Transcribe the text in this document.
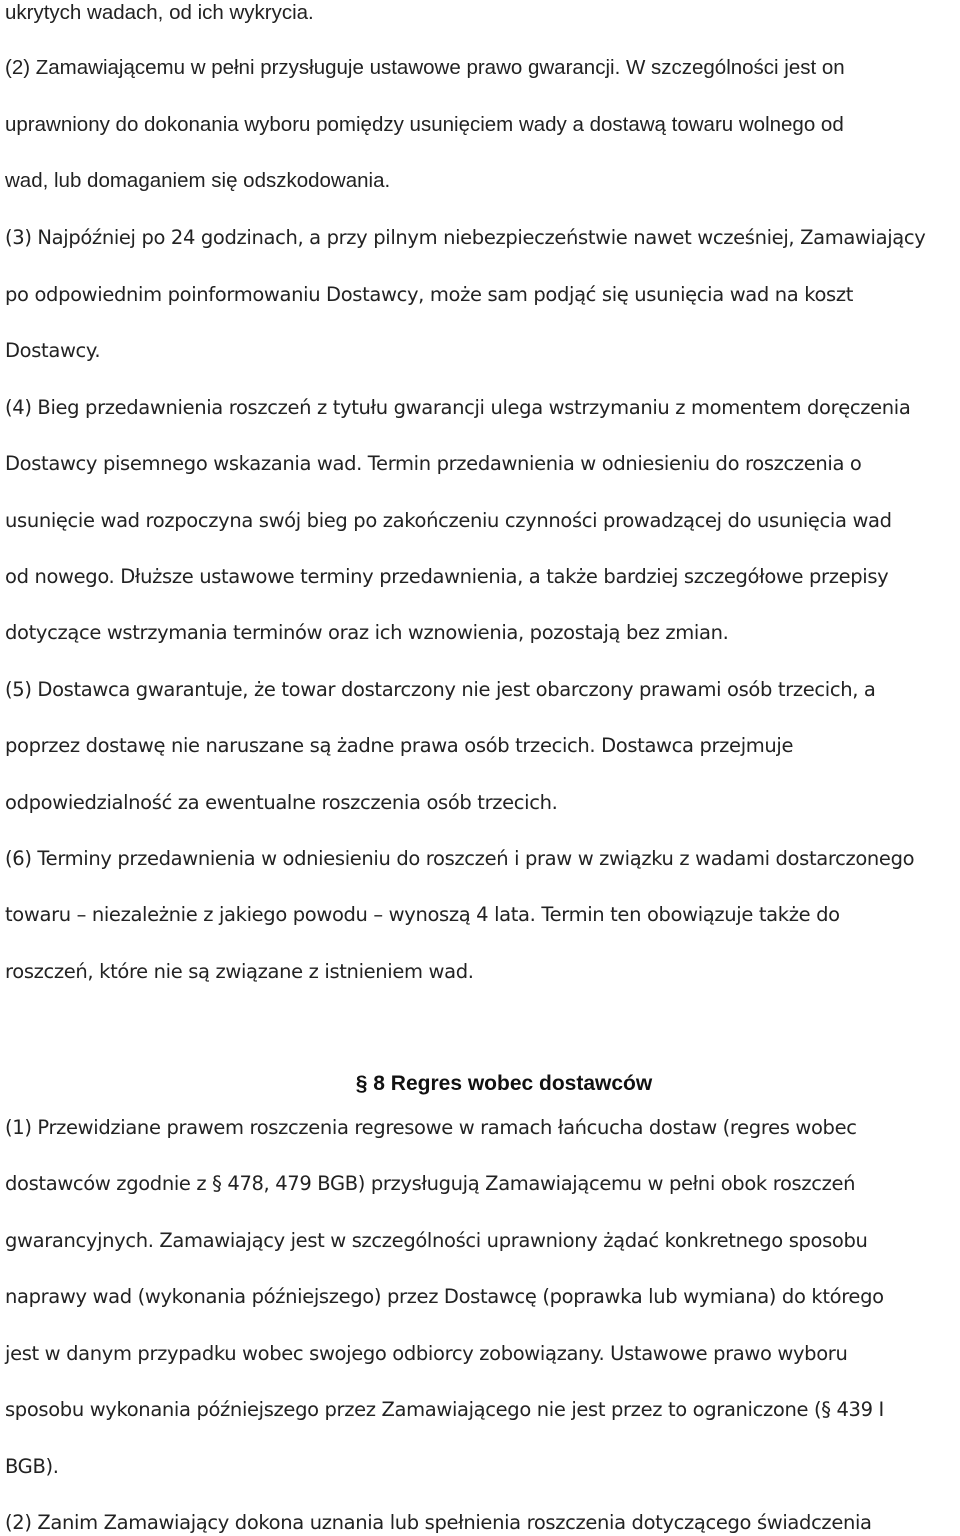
ukrytych wadach, od ich wykrycia.
(2) Zamawiającemu w pełni przysługuje ustawowe prawo gwarancji. W szczególności jest on
uprawniony do dokonania wyboru pomiędzy usunięciem wady a dostawą towaru wolnego od
wad, lub domaganiem się odszkodowania.
(3) Najpóźniej po 24 godzinach, a przy pilnym niebezpieczeństwie nawet wcześniej, Zamawiający
po odpowiednim poinformowaniu Dostawcy, może sam podjąć się usunięcia wad na koszt
Dostawcy.
(4) Bieg przedawnienia roszczeń z tytułu gwarancji ulega wstrzymaniu z momentem doręczenia
Dostawcy pisemnego wskazania wad. Termin przedawnienia w odniesieniu do roszczenia o
usunięcie wad rozpoczyna swój bieg po zakończeniu czynności prowadzącej do usunięcia wad
od nowego. Dłuższe ustawowe terminy przedawnienia, a także bardziej szczegółowe przepisy
dotyczące wstrzymania terminów oraz ich wznowienia, pozostają bez zmian.
(5) Dostawca gwarantuje, że towar dostarczony nie jest obarczony prawami osób trzecich, a
poprzez dostawę nie naruszane są żadne prawa osób trzecich. Dostawca przejmuje
odpowiedzialność za ewentualne roszczenia osób trzecich.
(6) Terminy przedawnienia w odniesieniu do roszczeń i praw w związku z wadami dostarczonego
towaru – niezależnie z jakiego powodu – wynoszą 4 lata. Termin ten obowiązuje także do
roszczeń, które nie są związane z istnieniem wad.
§ 8 Regres wobec dostawców
(1) Przewidziane prawem roszczenia regresowe w ramach łańcucha dostaw (regres wobec
dostawców zgodnie z § 478, 479 BGB) przysługują Zamawiającemu w pełni obok roszczeń
gwarancyjnych. Zamawiający jest w szczególności uprawniony żądać konkretnego sposobu
naprawy wad (wykonania późniejszego) przez Dostawcę (poprawka lub wymiana) do którego
jest w danym przypadku wobec swojego odbiorcy zobowiązany. Ustawowe prawo wyboru
sposobu wykonania późniejszego przez Zamawiającego nie jest przez to ograniczone (§ 439 I
BGB).
(2) Zanim Zamawiający dokona uznania lub spełnienia roszczenia dotyczącego świadczenia
